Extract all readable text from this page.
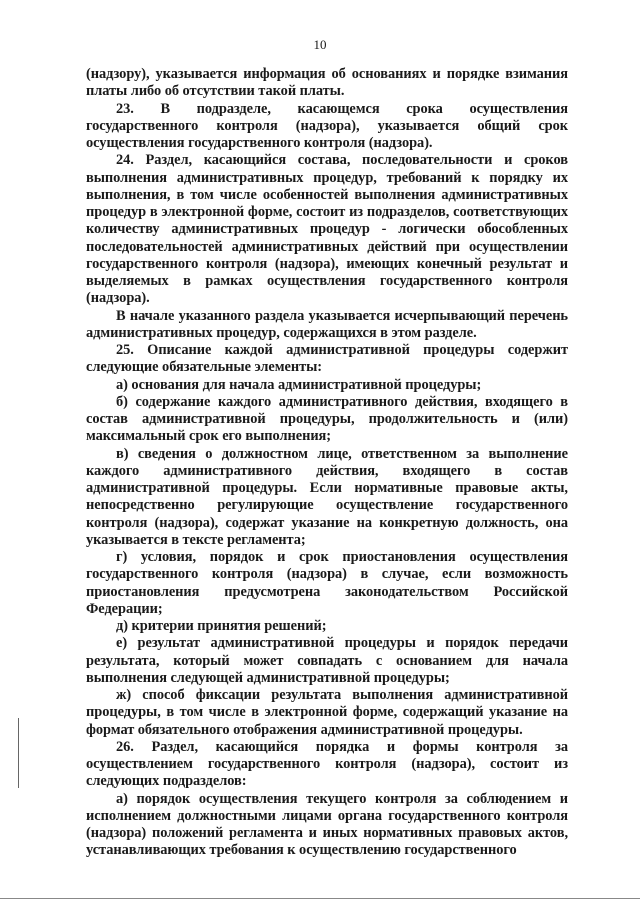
10

(надзору), указывается информация об основаниях и порядке взимания платы либо об отсутствии такой платы.

23. В подразделе, касающемся срока осуществления государственного контроля (надзора), указывается общий срок осуществления государственного контроля (надзора).

24. Раздел, касающийся состава, последовательности и сроков выполнения административных процедур, требований к порядку их выполнения, в том числе особенностей выполнения административных процедур в электронной форме, состоит из подразделов, соответствующих количеству административных процедур - логически обособленных последовательностей административных действий при осуществлении государственного контроля (надзора), имеющих конечный результат и выделяемых в рамках осуществления государственного контроля (надзора).

В начале указанного раздела указывается исчерпывающий перечень административных процедур, содержащихся в этом разделе.

25. Описание каждой административной процедуры содержит следующие обязательные элементы:

а) основания для начала административной процедуры;

б) содержание каждого административного действия, входящего в состав административной процедуры, продолжительность и (или) максимальный срок его выполнения;

в) сведения о должностном лице, ответственном за выполнение каждого административного действия, входящего в состав административной процедуры. Если нормативные правовые акты, непосредственно регулирующие осуществление государственного контроля (надзора), содержат указание на конкретную должность, она указывается в тексте регламента;

г) условия, порядок и срок приостановления осуществления государственного контроля (надзора) в случае, если возможность приостановления предусмотрена законодательством Российской Федерации;

д) критерии принятия решений;

е) результат административной процедуры и порядок передачи результата, который может совпадать с основанием для начала выполнения следующей административной процедуры;

ж) способ фиксации результата выполнения административной процедуры, в том числе в электронной форме, содержащий указание на формат обязательного отображения административной процедуры.

26. Раздел, касающийся порядка и формы контроля за осуществлением государственного контроля (надзора), состоит из следующих подразделов:

а) порядок осуществления текущего контроля за соблюдением и исполнением должностными лицами органа государственного контроля (надзора) положений регламента и иных нормативных правовых актов, устанавливающих требования к осуществлению государственного
